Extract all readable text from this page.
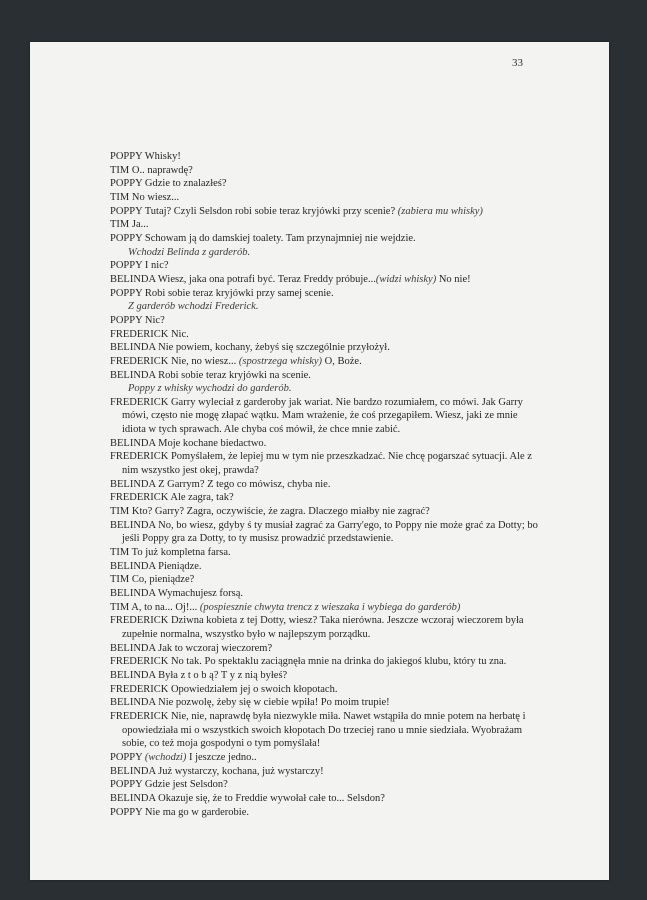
33

POPPY Whisky!

TIM O.. naprawdę?

POPPY Gdzie to znalazłeś?

TIM No wiesz...

POPPY Tutaj? Czyli Selsdon robi sobie teraz kryjówki przy scenie? (zabiera mu whisky)

TIM Ja...

POPPY Schowam ją do damskiej toalety. Tam przynajmniej nie wejdzie.

Wchodzi Belinda z garderób.

POPPY I nic?

BELINDA Wiesz, jaka ona potrafi być. Teraz Freddy próbuje...(widzi whisky) No nie!

POPPY Robi sobie teraz kryjówki przy samej scenie.

Z garderób wchodzi Frederick.

POPPY Nic?

FREDERICK Nic.

BELINDA Nie powiem, kochany, żebyś się szczególnie przyłożył.

FREDERICK Nie, no wiesz... (spostrzega whisky) O, Boże.

BELINDA Robi sobie teraz kryjówki na scenie.

Poppy z whisky wychodzi do garderób.

FREDERICK Garry wyleciał z garderoby jak wariat. Nie bardzo rozumiałem, co mówi. Jak Garry mówi, często nie mogę złapać wątku. Mam wrażenie, że coś przegapiłem. Wiesz, jaki ze mnie idiota w tych sprawach. Ale chyba coś mówił, że chce mnie zabić.

BELINDA Moje kochane biedactwo.

FREDERICK Pomyślałem, że lepiej mu w tym nie przeszkadzać. Nie chcę pogarszać sytuacji. Ale z nim wszystko jest okej, prawda?

BELINDA Z Garrym? Z tego co mówisz, chyba nie.

FREDERICK Ale zagra, tak?

TIM Kto? Garry? Zagra, oczywiście, że zagra. Dlaczego miałby nie zagrać?

BELINDA No, bo wiesz, gdyby ś ty musiał zagrać za Garry'ego, to Poppy nie może grać za Dotty; bo jeśli Poppy gra za Dotty, to ty musisz prowadzić przedstawienie.

TIM To już kompletna farsa.

BELINDA Pieniądze.

TIM Co, pieniądze?

BELINDA Wymachujesz forsą.

TIM A, to na... Oj!... (pospiesznie chwyta trencz z wieszaka i wybiega do garderób)

FREDERICK Dziwna kobieta z tej Dotty, wiesz? Taka nierówna. Jeszcze wczoraj wieczorem była zupełnie normalna, wszystko było w najlepszym porządku.

BELINDA Jak to wczoraj wieczorem?

FREDERICK No tak. Po spektaklu zaciągnęła mnie na drinka do jakiegoś klubu, który tu zna.

BELINDA Była z t o b ą? T y z nią byłeś?

FREDERICK Opowiedziałem jej o swoich kłopotach.

BELINDA Nie pozwolę, żeby się w ciebie wpiła! Po moim trupie!

FREDERICK Nie, nie, naprawdę była niezwykle miła. Nawet wstąpiła do mnie potem na herbatę i opowiedziała mi o wszystkich swoich kłopotach Do trzeciej rano u mnie siedziała. Wyobrażam sobie, co też moja gospodyni o tym pomyślała!

POPPY (wchodzi) I jeszcze jedno..

BELINDA Już wystarczy, kochana, już wystarczy!

POPPY Gdzie jest Selsdon?

BELINDA Okazuje się, że to Freddie wywołał całe to... Selsdon?

POPPY Nie ma go w garderobie.
